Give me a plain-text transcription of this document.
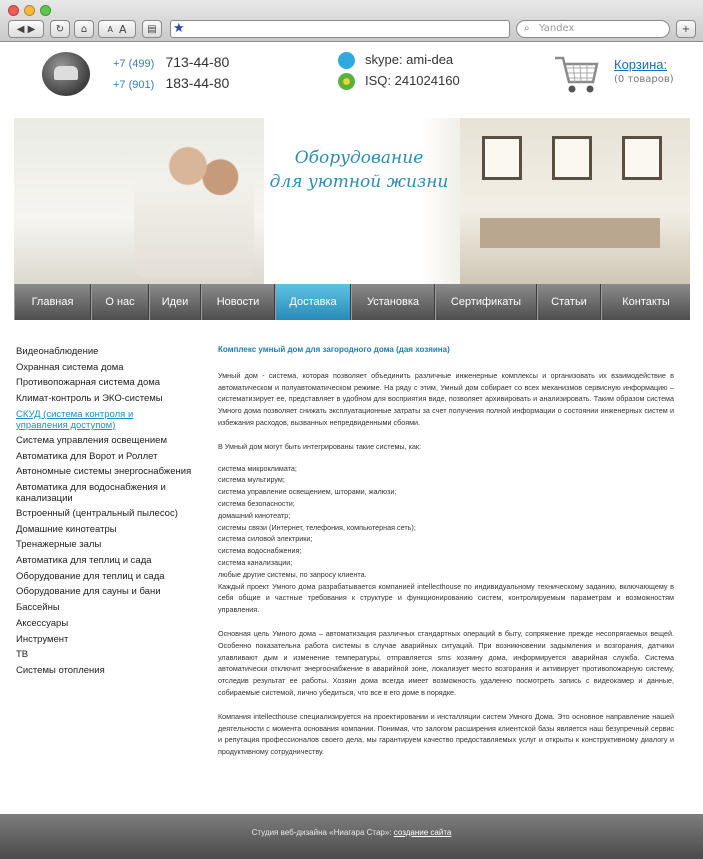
◀ ▶	↻	⌂	A A	▤	★	⌕ Yandex	+
+7 (499) 713-44-80
+7 (901) 183-44-80
skype: ami-dea
ISQ: 241024160
Корзина:
(0 товаров)
Оборудование
для уютной жизни
Главная	О нас	Идеи	Новости	Доставка	Установка	Сертификаты	Статьи	Контакты
Видеонаблюдение
Охранная система дома
Противопожарная система дома
Климат-контроль и ЭКО-системы
СКУД (система контроля и управления доступом)
Система управления освещением
Автоматика для Ворот и Роллет
Автономные системы энергоснабжения
Автоматика для водоснабжения и канализации
Встроенный (центральный пылесос)
Домашние кинотеатры
Тренажерные залы
Автоматика для теплиц и сада
Оборудование для теплиц и сада
Оборудование для сауны и бани
Бассейны
Аксессуары
Инструмент
ТВ
Системы отопления
Комплекс умный дом для загородного дома (дая хозяина)

Умный дом - система, которая позволяет объединить различные инженерные комплексы и организовать их взаимодействие в автоматическом и полуавтоматическом режиме. На ряду с этим, Умный дом собирает со всех механизмов сервисную информацию – систематизирует ее, представляет в удобном для восприятия виде, позволяет архивировать и анализировать. Таким образом система Умного дома позволяет снижать эксплуатационные затраты за счет получения полной информации о состоянии инженерных систем и избежания расходов, вызванных непредвиденными сбоями.

В Умный дом могут быть интегрированы такие системы, как:

система микроклимата;
система мультирум;
система управление освещением, шторами, жалюзи;
система безопасности;
домашний кинотеатр;
системы связи (Интернет, телефония, компьютерная сеть);
система силовой электрики;
система водоснабжения;
система канализации;
любые другие системы, по запросу клиента.

Каждый проект Умного дома разрабатывается компанией intellecthouse по индивидуальному техническому заданию, включающему в себя общие и частные требования к структуре и функционированию систем, контролируемым параметрам и возможностям управления.

Основная цель Умного дома – автоматизация различных стандартных операций в быту, сопряжение прежде несопрягаемых вещей. Особенно показательна работа системы в случае аварийных ситуаций. При возникновении задымления и возгорания, датчики улавливают дым и изменение температуры, отправляется sms хозяину дома, информируется аварийная служба. Система автоматически отключит энергоснабжение в аварийной зоне, локализует место возгорания и активирует противопожарную систему, отследив результат ее работы. Хозяин дома всегда имеет возможность удаленно посмотреть запись с видеокамер и данные, собираемые системой, лично убедиться, что все в его доме в порядке.

Компания intellecthouse специализируется на проектировании и инсталляции систем Умного Дома. Это основное направление нашей деятельности с момента основания компании. Понимая, что залогом расширения клиентской базы является наш безупречный сервис и репутация профессионалов своего дела, мы гарантируем качество предоставляемых услуг и открыты к конструктивному диалогу и продуктивному сотрудничеству.

Студия веб-дизайна «Ниагара Стар»: создание сайта
